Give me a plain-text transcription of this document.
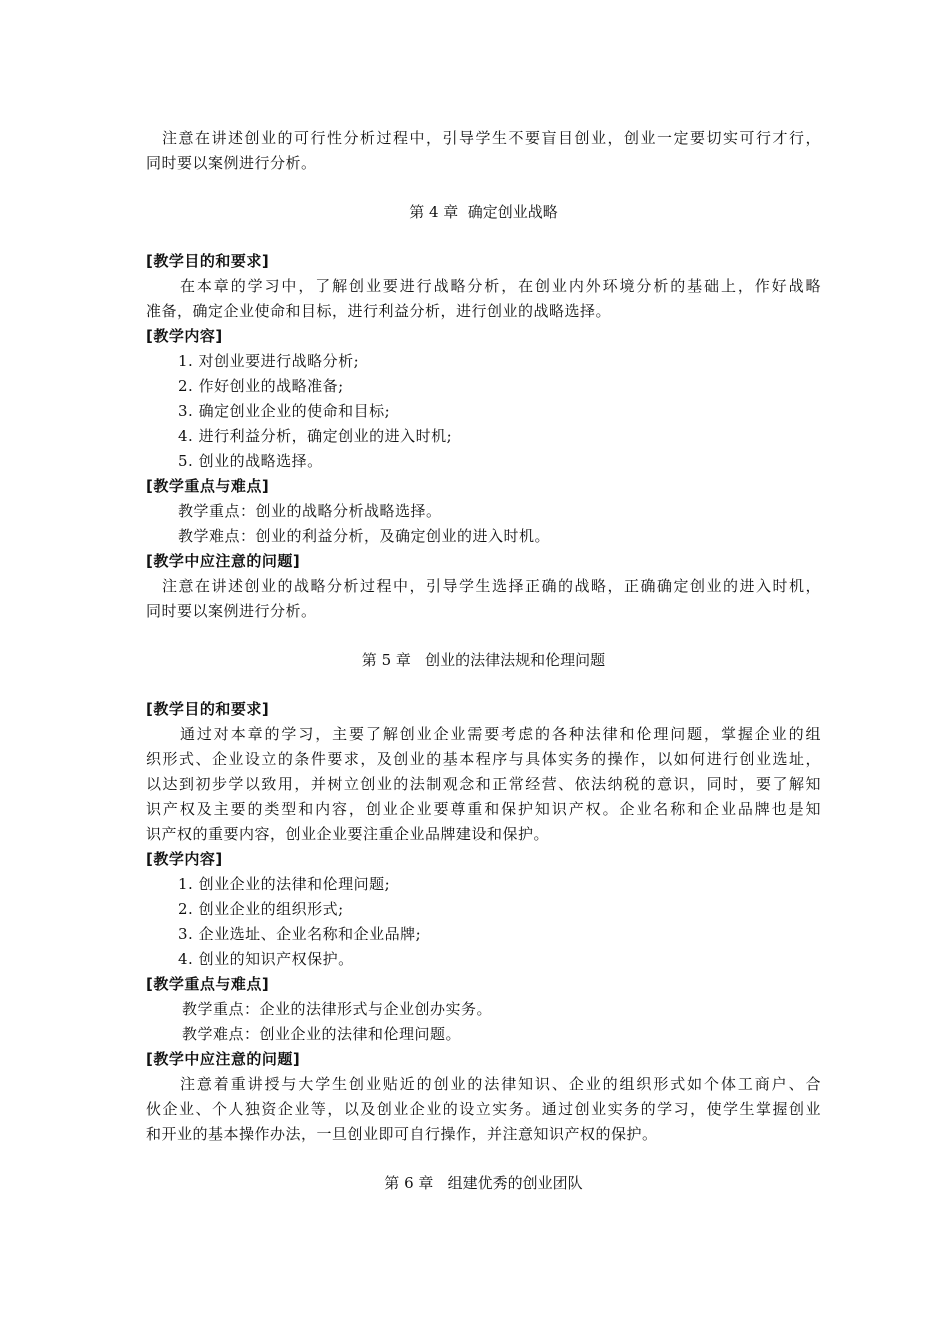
注意在讲述创业的可行性分析过程中，引导学生不要盲目创业，创业一定要切实可行才行，
同时要以案例进行分析。
第 4 章  确定创业战略
[教学目的和要求]
在本章的学习中，了解创业要进行战略分析，在创业内外环境分析的基础上，作好战略
准备，确定企业使命和目标，进行利益分析，进行创业的战略选择。
[教学内容]
1. 对创业要进行战略分析;
2. 作好创业的战略准备;
3. 确定创业企业的使命和目标;
4. 进行利益分析，确定创业的进入时机;
5. 创业的战略选择。
[教学重点与难点]
教学重点：创业的战略分析战略选择。
教学难点：创业的利益分析，及确定创业的进入时机。
[教学中应注意的问题]
注意在讲述创业的战略分析过程中，引导学生选择正确的战略，正确确定创业的进入时机，
同时要以案例进行分析。
第 5 章   创业的法律法规和伦理问题
[教学目的和要求]
通过对本章的学习，主要了解创业企业需要考虑的各种法律和伦理问题，掌握企业的组
织形式、企业设立的条件要求，及创业的基本程序与具体实务的操作，以如何进行创业选址，
以达到初步学以致用，并树立创业的法制观念和正常经营、依法纳税的意识，同时，要了解知
识产权及主要的类型和内容，创业企业要尊重和保护知识产权。企业名称和企业品牌也是知
识产权的重要内容，创业企业要注重企业品牌建设和保护。
[教学内容]
1. 创业企业的法律和伦理问题;
2. 创业企业的组织形式;
3. 企业选址、企业名称和企业品牌;
4. 创业的知识产权保护。
[教学重点与难点]
教学重点：企业的法律形式与企业创办实务。
教学难点：创业企业的法律和伦理问题。
[教学中应注意的问题]
注意着重讲授与大学生创业贴近的创业的法律知识、企业的组织形式如个体工商户、合
伙企业、个人独资企业等，以及创业企业的设立实务。通过创业实务的学习，使学生掌握创业
和开业的基本操作办法，一旦创业即可自行操作，并注意知识产权的保护。
第 6 章   组建优秀的创业团队
